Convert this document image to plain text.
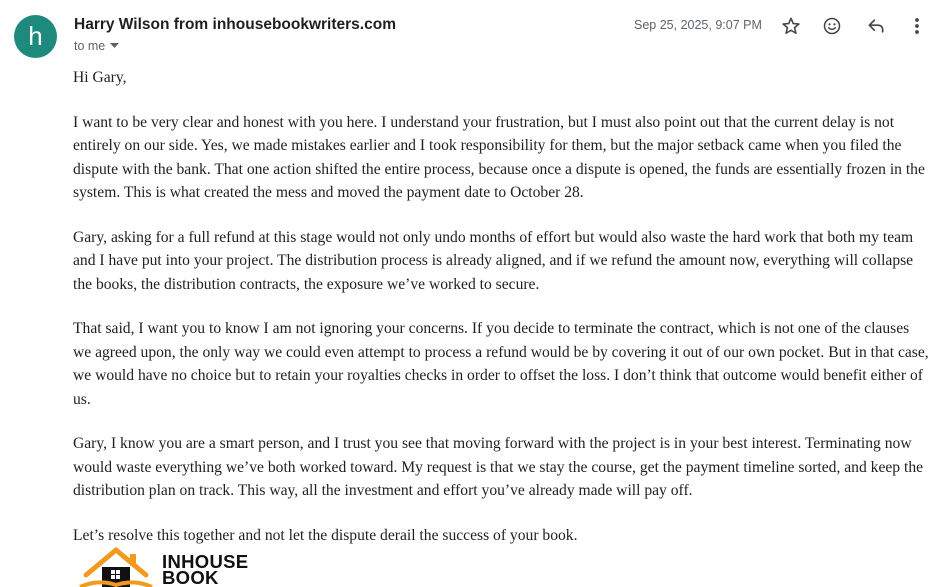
h	Harry Wilson from inhousebookwriters.com
to me
Sep 25, 2025, 9:07 PM

Hi Gary,

I want to be very clear and honest with you here. I understand your frustration, but I must also point out that the current delay is not entirely on our side. Yes, we made mistakes earlier and I took responsibility for them, but the major setback came when you filed the dispute with the bank. That one action shifted the entire process, because once a dispute is opened, the funds are essentially frozen in the system. This is what created the mess and moved the payment date to October 28.

Gary, asking for a full refund at this stage would not only undo months of effort but would also waste the hard work that both my team and I have put into your project. The distribution process is already aligned, and if we refund the amount now, everything will collapse the books, the distribution contracts, the exposure we’ve worked to secure.

That said, I want you to know I am not ignoring your concerns. If you decide to terminate the contract, which is not one of the clauses we agreed upon, the only way we could even attempt to process a refund would be by covering it out of our own pocket. But in that case, we would have no choice but to retain your royalties checks in order to offset the loss. I don’t think that outcome would benefit either of us.

Gary, I know you are a smart person, and I trust you see that moving forward with the project is in your best interest. Terminating now would waste everything we’ve both worked toward. My request is that we stay the course, get the payment timeline sorted, and keep the distribution plan on track. This way, all the investment and effort you’ve already made will pay off.

Let’s resolve this together and not let the dispute derail the success of your book.

INHOUSE
BOOK
